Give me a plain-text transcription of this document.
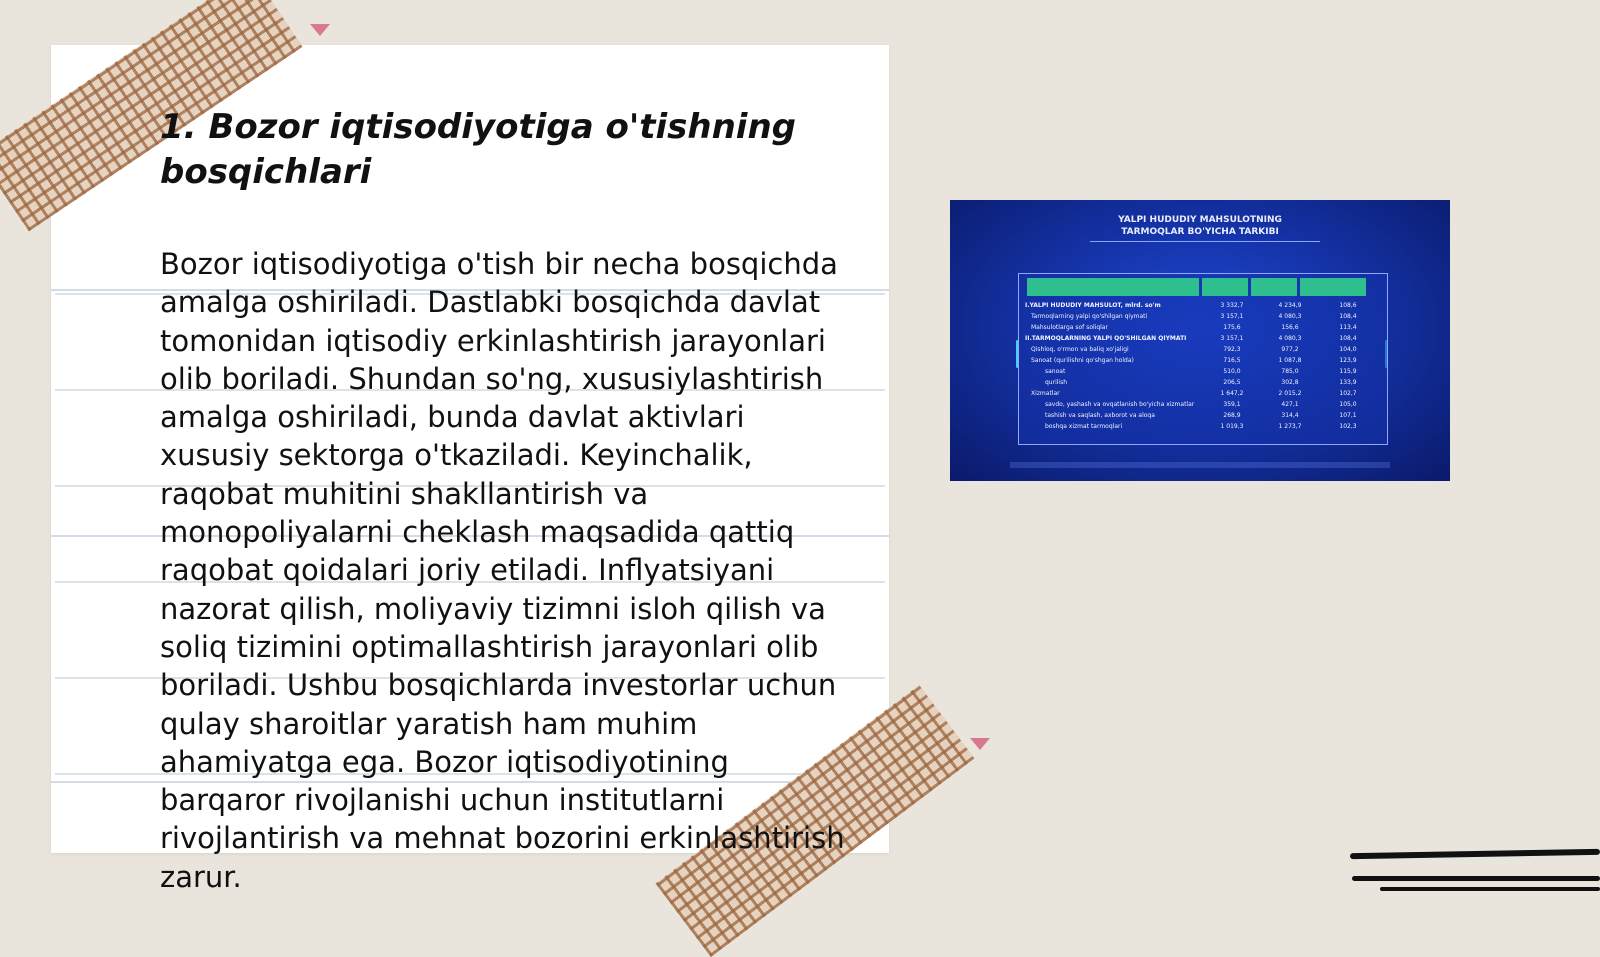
1. Bozor iqtisodiyotiga o'tishning bosqichlari

Bozor iqtisodiyotiga o'tish bir necha bosqichda amalga oshiriladi. Dastlabki bosqichda davlat tomonidan iqtisodiy erkinlashtirish jarayonlari olib boriladi. Shundan so'ng, xususiylashtirish amalga oshiriladi, bunda davlat aktivlari xususiy sektorga o'tkaziladi. Keyinchalik, raqobat muhitini shakllantirish va monopoliyalarni cheklash maqsadida qattiq raqobat qoidalari joriy etiladi. Inflyatsiyani nazorat qilish, moliyaviy tizimni isloh qilish va soliq tizimini optimallashtirish jarayonlari olib boriladi. Ushbu bosqichlarda investorlar uchun qulay sharoitlar yaratish ham muhim ahamiyatga ega. Bozor iqtisodiyotining barqaror rivojlanishi uchun institutlarni rivojlantirish va mehnat bozorini erkinlashtirish zarur.

YALPI HUDUDIY MAHSULOTNING
TARMOQLAR BO'YICHA TARKIBI
I.YALPI HUDUDIY MAHSULOT, mlrd. so'm	3 332,7	4 234,9	108,6
Tarmoqlarning yalpi qo'shilgan qiymati	3 157,1	4 080,3	108,4
Mahsulotlarga sof soliqlar	175,6	156,6	113,4
II.TARMOQLARNING YALPI QO'SHILGAN QIYMATI	3 157,1	4 080,3	108,4
Qishloq, o'rmon va baliq xo'jaligi	792,3	977,2	104,0
Sanoat (qurilishni qo'shgan holda)	716,5	1 087,8	123,9
sanoat	510,0	785,0	115,9
qurilish	206,5	302,8	133,9
Xizmatlar	1 647,2	2 015,2	102,7
savdo, yashash va ovqatlanish bo'yicha xizmatlar	359,1	427,1	105,0
tashish va saqlash, axborot va aloqa	268,9	314,4	107,1
boshqa xizmat tarmoqlari	1 019,3	1 273,7	102,3
